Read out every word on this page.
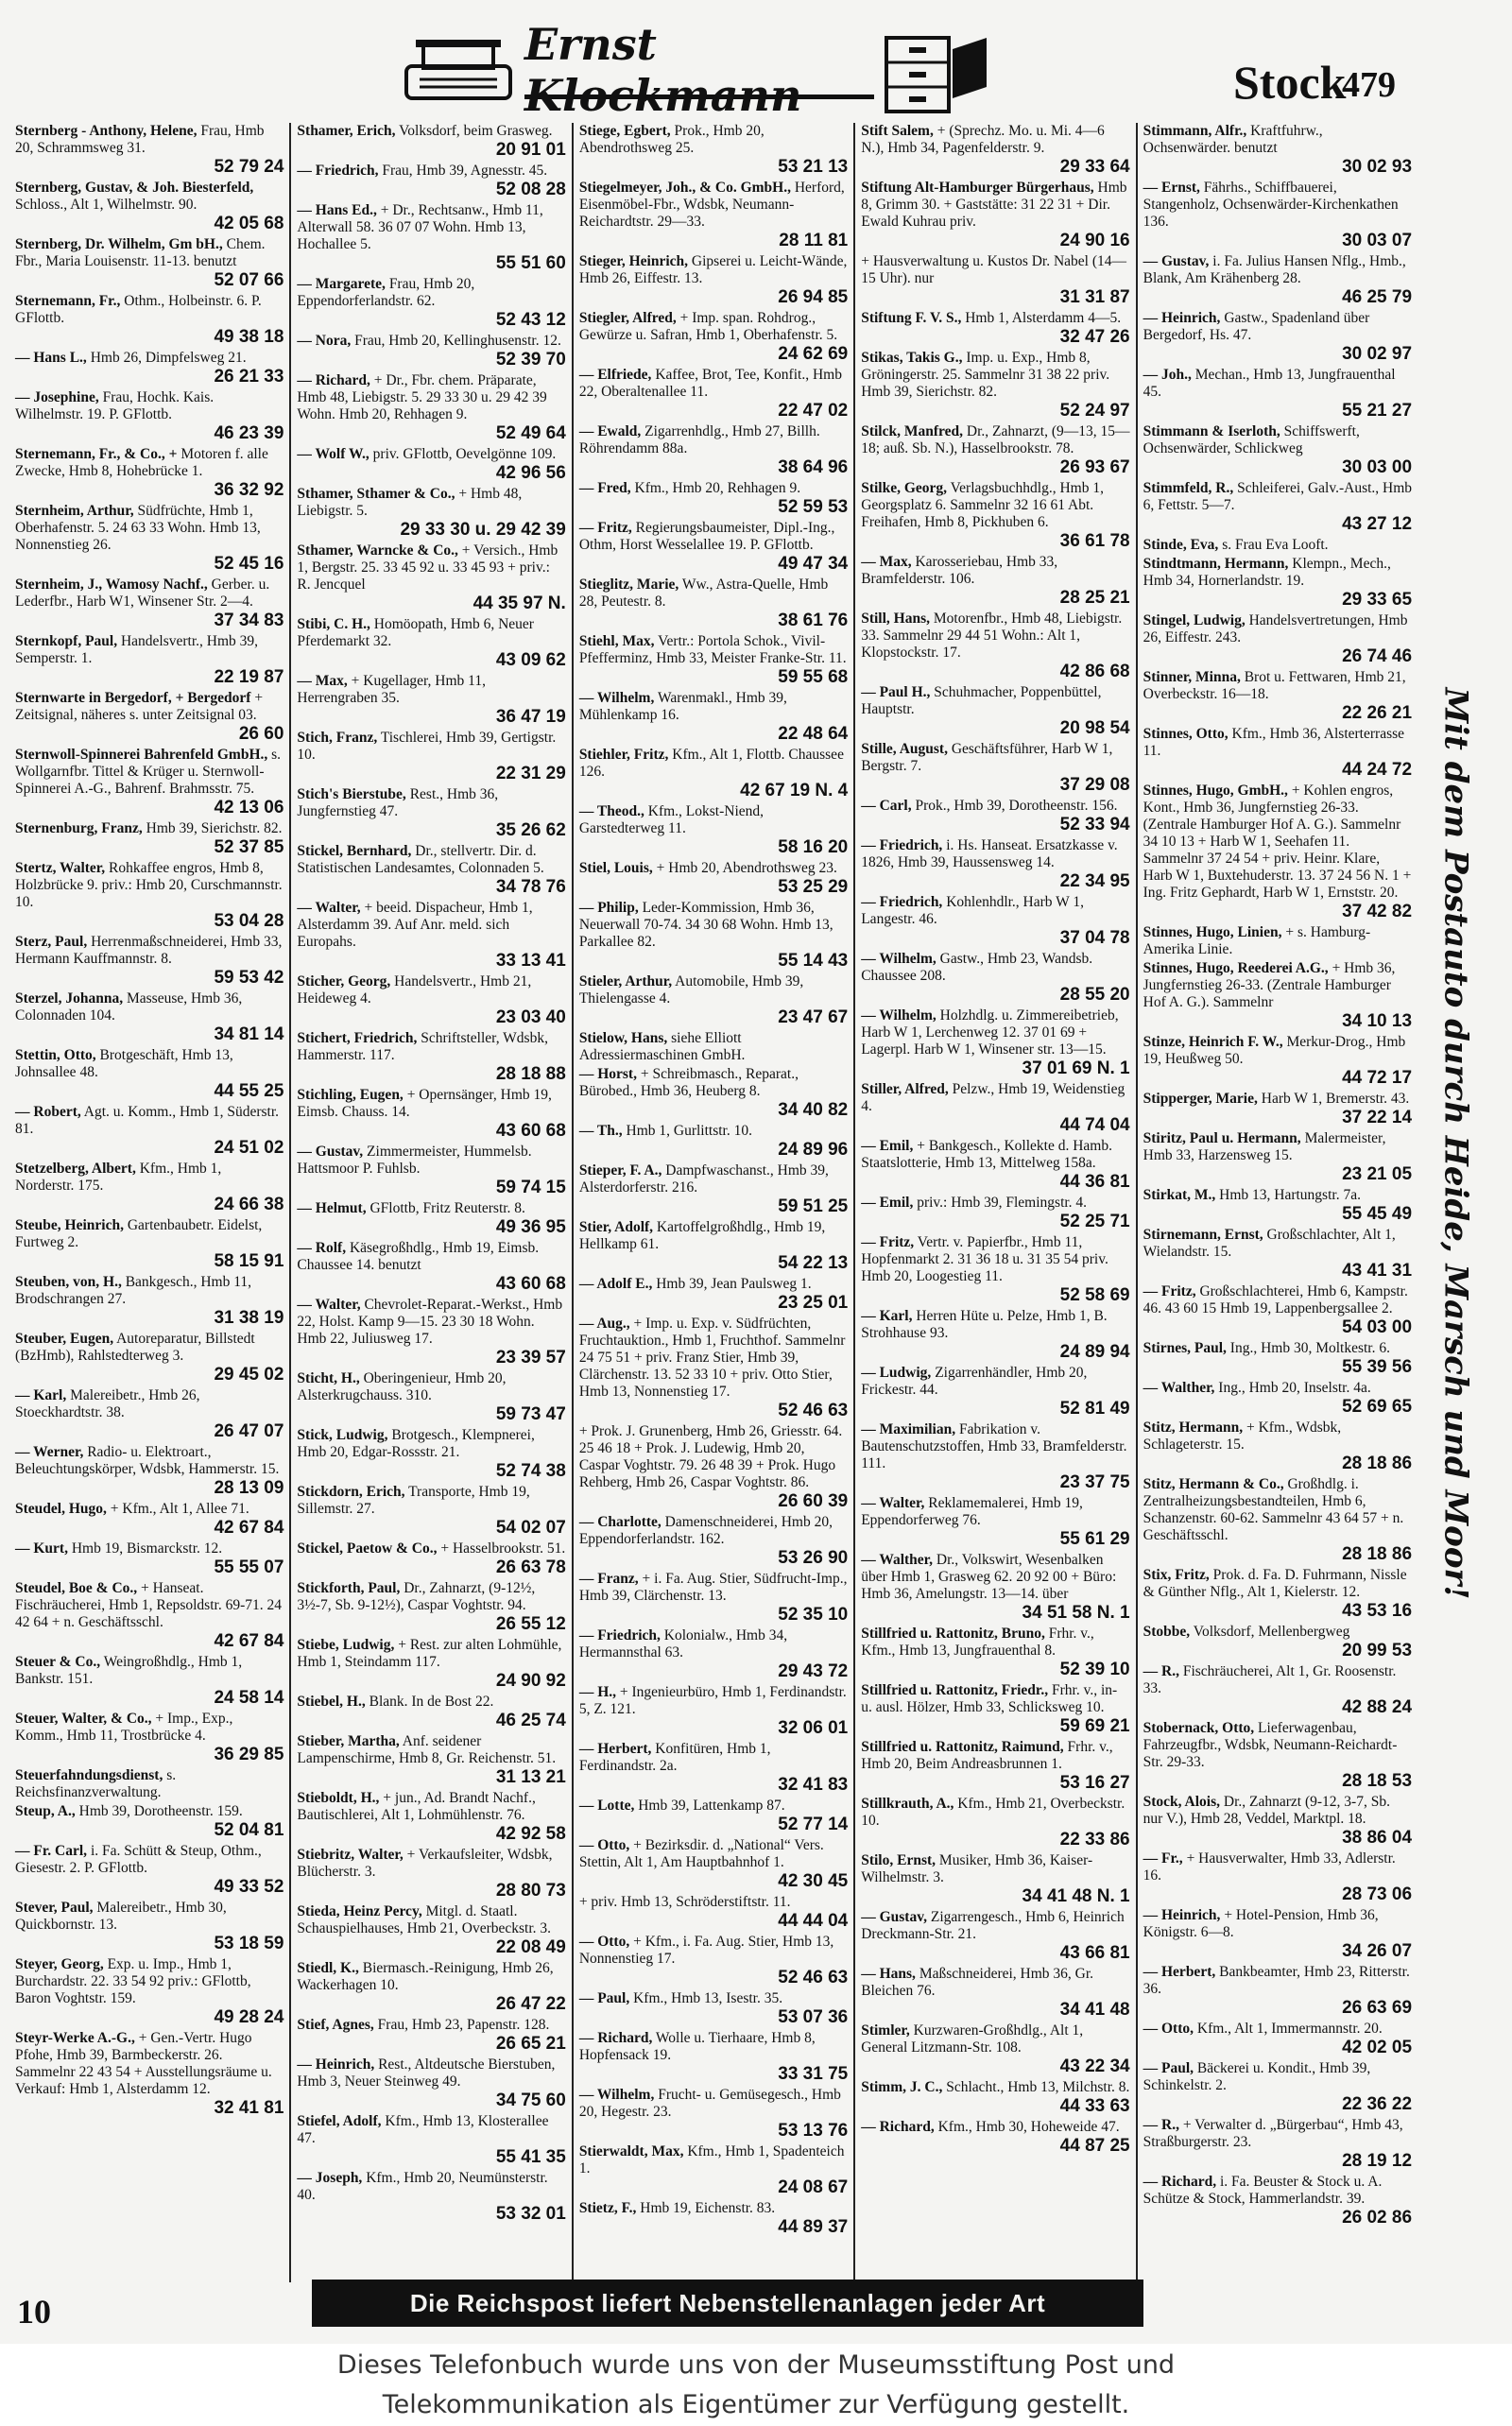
Ernst Klockmann	Stock
479
Sternberg - Anthony, Helene, Frau, Hmb 20, Schrammsweg 31.
52 79 24
Sternberg, Gustav, & Joh. Biesterfeld, Schloss., Alt 1, Wilhelmstr. 90.
42 05 68
Sternberg, Dr. Wilhelm, Gm bH., Chem. Fbr., Maria Louisenstr. 11-13. benutzt
52 07 66
Sternemann, Fr., Othm., Holbeinstr. 6. P. GFlottb.
49 38 18
— Hans L., Hmb 26, Dimpfelsweg 21.
26 21 33
— Josephine, Frau, Hochk. Kais. Wilhelmstr. 19. P. GFlottb.
46 23 39
Sternemann, Fr., & Co., + Motoren f. alle Zwecke, Hmb 8, Hohebrücke 1.
36 32 92
Sternheim, Arthur, Südfrüchte, Hmb 1, Oberhafenstr. 5. 24 63 33 Wohn. Hmb 13, Nonnenstieg 26.
52 45 16
Sternheim, J., Wamosy Nachf., Gerber. u. Lederfbr., Harb W1, Winsener Str. 2—4.
37 34 83
Sternkopf, Paul, Handelsvertr., Hmb 39, Semperstr. 1.
22 19 87
Sternwarte in Bergedorf, + Bergedorf + Zeitsignal, näheres s. unter Zeitsignal 03.
26 60
Sternwoll-Spinnerei Bahrenfeld GmbH., s. Wollgarnfbr. Tittel & Krüger u. Sternwoll-Spinnerei A.-G., Bahrenf. Brahmsstr. 75.
42 13 06
Sternenburg, Franz, Hmb 39, Sierichstr. 82.
52 37 85
Stertz, Walter, Rohkaffee engros, Hmb 8, Holzbrücke 9. priv.: Hmb 20, Curschmannstr. 10.
53 04 28
Sterz, Paul, Herrenmaßschneiderei, Hmb 33, Hermann Kauffmannstr. 8.
59 53 42
Sterzel, Johanna, Masseuse, Hmb 36, Colonnaden 104.
34 81 14
Stettin, Otto, Brotgeschäft, Hmb 13, Johnsallee 48.
44 55 25
— Robert, Agt. u. Komm., Hmb 1, Süderstr. 81.
24 51 02
Stetzelberg, Albert, Kfm., Hmb 1, Norderstr. 175.
24 66 38
Steube, Heinrich, Gartenbaubetr. Eidelst, Furtweg 2.
58 15 91
Steuben, von, H., Bankgesch., Hmb 11, Brodschrangen 27.
31 38 19
Steuber, Eugen, Autoreparatur, Billstedt (BzHmb), Rahlstedterweg 3.
29 45 02
— Karl, Malereibetr., Hmb 26, Stoeckhardtstr. 38.
26 47 07
— Werner, Radio- u. Elektroart., Beleuchtungskörper, Wdsbk, Hammerstr. 15.
28 13 09
Steudel, Hugo, + Kfm., Alt 1, Allee 71.
42 67 84
— Kurt, Hmb 19, Bismarckstr. 12.
55 55 07
Steudel, Boe & Co., + Hanseat. Fischräucherei, Hmb 1, Repsoldstr. 69-71. 24 42 64 + n. Geschäftsschl.
42 67 84
Steuer & Co., Weingroßhdlg., Hmb 1, Bankstr. 151.
24 58 14
Steuer, Walter, & Co., + Imp., Exp., Komm., Hmb 11, Trostbrücke 4.
36 29 85
Steuerfahndungsdienst, s. Reichsfinanzverwaltung.
Steup, A., Hmb 39, Dorotheenstr. 159.
52 04 81
— Fr. Carl, i. Fa. Schütt & Steup, Othm., Giesestr. 2. P. GFlottb.
49 33 52
Stever, Paul, Malereibetr., Hmb 30, Quickbornstr. 13.
53 18 59
Steyer, Georg, Exp. u. Imp., Hmb 1, Burchardstr. 22. 33 54 92 priv.: GFlottb, Baron Voghtstr. 159.
49 28 24
Steyr-Werke A.-G., + Gen.-Vertr. Hugo Pfohe, Hmb 39, Barmbeckerstr. 26. Sammelnr 22 43 54 + Ausstellungsräume u. Verkauf: Hmb 1, Alsterdamm 12.
32 41 81
Sthamer, Erich, Volksdorf, beim Grasweg.
20 91 01
— Friedrich, Frau, Hmb 39, Agnesstr. 45.
52 08 28
— Hans Ed., + Dr., Rechtsanw., Hmb 11, Alterwall 58. 36 07 07 Wohn. Hmb 13, Hochallee 5.
55 51 60
— Margarete, Frau, Hmb 20, Eppendorferlandstr. 62.
52 43 12
— Nora, Frau, Hmb 20, Kellinghusenstr. 12.
52 39 70
— Richard, + Dr., Fbr. chem. Präparate, Hmb 48, Liebigstr. 5. 29 33 30 u. 29 42 39 Wohn. Hmb 20, Rehhagen 9.
52 49 64
— Wolf W., priv. GFlottb, Oevelgönne 109.
42 96 56
Sthamer, Sthamer & Co., + Hmb 48, Liebigstr. 5.
29 33 30 u. 29 42 39
Sthamer, Warncke & Co., + Versich., Hmb 1, Bergstr. 25. 33 45 92 u. 33 45 93 + priv.: R. Jencquel
44 35 97 N.
Stibi, C. H., Homöopath, Hmb 6, Neuer Pferdemarkt 32.
43 09 62
— Max, + Kugellager, Hmb 11, Herrengraben 35.
36 47 19
Stich, Franz, Tischlerei, Hmb 39, Gertigstr. 10.
22 31 29
Stich's Bierstube, Rest., Hmb 36, Jungfernstieg 47.
35 26 62
Stickel, Bernhard, Dr., stellvertr. Dir. d. Statistischen Landesamtes, Colonnaden 5.
34 78 76
— Walter, + beeid. Dispacheur, Hmb 1, Alsterdamm 39. Auf Anr. meld. sich Europahs.
33 13 41
Sticher, Georg, Handelsvertr., Hmb 21, Heideweg 4.
23 03 40
Stichert, Friedrich, Schriftsteller, Wdsbk, Hammerstr. 117.
28 18 88
Stichling, Eugen, + Opernsänger, Hmb 19, Eimsb. Chauss. 14.
43 60 68
— Gustav, Zimmermeister, Hummelsb. Hattsmoor P. Fuhlsb.
59 74 15
— Helmut, GFlottb, Fritz Reuterstr. 8.
49 36 95
— Rolf, Käsegroßhdlg., Hmb 19, Eimsb. Chaussee 14. benutzt
43 60 68
— Walter, Chevrolet-Reparat.-Werkst., Hmb 22, Holst. Kamp 9—15. 23 30 18 Wohn. Hmb 22, Juliusweg 17.
23 39 57
Sticht, H., Oberingenieur, Hmb 20, Alsterkrugchauss. 310.
59 73 47
Stick, Ludwig, Brotgesch., Klempnerei, Hmb 20, Edgar-Rossstr. 21.
52 74 38
Stickdorn, Erich, Transporte, Hmb 19, Sillemstr. 27.
54 02 07
Stickel, Paetow & Co., + Hasselbrookstr. 51.
26 63 78
Stickforth, Paul, Dr., Zahnarzt, (9-12½, 3½-7, Sb. 9-12½), Caspar Voghtstr. 94.
26 55 12
Stiebe, Ludwig, + Rest. zur alten Lohmühle, Hmb 1, Steindamm 117.
24 90 92
Stiebel, H., Blank. In de Bost 22.
46 25 74
Stieber, Martha, Anf. seidener Lampenschirme, Hmb 8, Gr. Reichenstr. 51.
31 13 21
Stieboldt, H., + jun., Ad. Brandt Nachf., Bautischlerei, Alt 1, Lohmühlenstr. 76.
42 92 58
Stiebritz, Walter, + Verkaufsleiter, Wdsbk, Blücherstr. 3.
28 80 73
Stieda, Heinz Percy, Mitgl. d. Staatl. Schauspielhauses, Hmb 21, Overbeckstr. 3.
22 08 49
Stiedl, K., Biermasch.-Reinigung, Hmb 26, Wackerhagen 10.
26 47 22
Stief, Agnes, Frau, Hmb 23, Papenstr. 128.
26 65 21
— Heinrich, Rest., Altdeutsche Bierstuben, Hmb 3, Neuer Steinweg 49.
34 75 60
Stiefel, Adolf, Kfm., Hmb 13, Klosterallee 47.
55 41 35
— Joseph, Kfm., Hmb 20, Neumünsterstr. 40.
53 32 01
Stiege, Egbert, Prok., Hmb 20, Abendrothsweg 25.
53 21 13
Stiegelmeyer, Joh., & Co. GmbH., Herford, Eisenmöbel-Fbr., Wdsbk, Neumann-Reichardtstr. 29—33.
28 11 81
Stieger, Heinrich, Gipserei u. Leicht-Wände, Hmb 26, Eiffestr. 13.
26 94 85
Stiegler, Alfred, + Imp. span. Rohdrog., Gewürze u. Safran, Hmb 1, Oberhafenstr. 5.
24 62 69
— Elfriede, Kaffee, Brot, Tee, Konfit., Hmb 22, Oberaltenallee 11.
22 47 02
— Ewald, Zigarrenhdlg., Hmb 27, Billh. Röhrendamm 88a.
38 64 96
— Fred, Kfm., Hmb 20, Rehhagen 9.
52 59 53
— Fritz, Regierungsbaumeister, Dipl.-Ing., Othm, Horst Wesselallee 19. P. GFlottb.
49 47 34
Stieglitz, Marie, Ww., Astra-Quelle, Hmb 28, Peutestr. 8.
38 61 76
Stiehl, Max, Vertr.: Portola Schok., Vivil-Pfefferminz, Hmb 33, Meister Franke-Str. 11.
59 55 68
— Wilhelm, Warenmakl., Hmb 39, Mühlenkamp 16.
22 48 64
Stiehler, Fritz, Kfm., Alt 1, Flottb. Chaussee 126.
42 67 19 N. 4
— Theod., Kfm., Lokst-Niend, Garstedterweg 11.
58 16 20
Stiel, Louis, + Hmb 20, Abendrothsweg 23.
53 25 29
— Philip, Leder-Kommission, Hmb 36, Neuerwall 70-74. 34 30 68 Wohn. Hmb 13, Parkallee 82.
55 14 43
Stieler, Arthur, Automobile, Hmb 39, Thielengasse 4.
23 47 67
Stielow, Hans, siehe Elliott Adressiermaschinen GmbH.
— Horst, + Schreibmasch., Reparat., Bürobed., Hmb 36, Heuberg 8.
34 40 82
— Th., Hmb 1, Gurlittstr. 10.
24 89 96
Stieper, F. A., Dampfwaschanst., Hmb 39, Alsterdorferstr. 216.
59 51 25
Stier, Adolf, Kartoffelgroßhdlg., Hmb 19, Hellkamp 61.
54 22 13
— Adolf E., Hmb 39, Jean Paulsweg 1.
23 25 01
— Aug., + Imp. u. Exp. v. Südfrüchten, Fruchtauktion., Hmb 1, Fruchthof. Sammelnr 24 75 51 + priv. Franz Stier, Hmb 39, Clärchenstr. 13. 52 33 10 + priv. Otto Stier, Hmb 13, Nonnenstieg 17.
52 46 63
+ Prok. J. Grunenberg, Hmb 26, Griesstr. 64. 25 46 18 + Prok. J. Ludewig, Hmb 20, Caspar Voghtstr. 79. 26 48 39 + Prok. Hugo Rehberg, Hmb 26, Caspar Voghtstr. 86.
26 60 39
— Charlotte, Damenschneiderei, Hmb 20, Eppendorferlandstr. 162.
53 26 90
— Franz, + i. Fa. Aug. Stier, Südfrucht-Imp., Hmb 39, Clärchenstr. 13.
52 35 10
— Friedrich, Kolonialw., Hmb 34, Hermannsthal 63.
29 43 72
— H., + Ingenieurbüro, Hmb 1, Ferdinandstr. 5, Z. 121.
32 06 01
— Herbert, Konfitüren, Hmb 1, Ferdinandstr. 2a.
32 41 83
— Lotte, Hmb 39, Lattenkamp 87.
52 77 14
— Otto, + Bezirksdir. d. „National“ Vers. Stettin, Alt 1, Am Hauptbahnhof 1.
42 30 45
+ priv. Hmb 13, Schröderstiftstr. 11.
44 44 04
— Otto, + Kfm., i. Fa. Aug. Stier, Hmb 13, Nonnenstieg 17.
52 46 63
— Paul, Kfm., Hmb 13, Isestr. 35.
53 07 36
— Richard, Wolle u. Tierhaare, Hmb 8, Hopfensack 19.
33 31 75
— Wilhelm, Frucht- u. Gemüsegesch., Hmb 20, Hegestr. 23.
53 13 76
Stierwaldt, Max, Kfm., Hmb 1, Spadenteich 1.
24 08 67
Stietz, F., Hmb 19, Eichenstr. 83.
44 89 37
Stift Salem, + (Sprechz. Mo. u. Mi. 4—6 N.), Hmb 34, Pagenfelderstr. 9.
29 33 64
Stiftung Alt-Hamburger Bürgerhaus, Hmb 8, Grimm 30. + Gaststätte: 31 22 31 + Dir. Ewald Kuhrau priv.
24 90 16
+ Hausverwaltung u. Kustos Dr. Nabel (14—15 Uhr). nur
31 31 87
Stiftung F. V. S., Hmb 1, Alsterdamm 4—5.
32 47 26
Stikas, Takis G., Imp. u. Exp., Hmb 8, Gröningerstr. 25. Sammelnr 31 38 22 priv. Hmb 39, Sierichstr. 82.
52 24 97
Stilck, Manfred, Dr., Zahnarzt, (9—13, 15—18; auß. Sb. N.), Hasselbrookstr. 78.
26 93 67
Stilke, Georg, Verlagsbuchhdlg., Hmb 1, Georgsplatz 6. Sammelnr 32 16 61 Abt. Freihafen, Hmb 8, Pickhuben 6.
36 61 78
— Max, Karosseriebau, Hmb 33, Bramfelderstr. 106.
28 25 21
Still, Hans, Motorenfbr., Hmb 48, Liebigstr. 33. Sammelnr 29 44 51 Wohn.: Alt 1, Klopstockstr. 17.
42 86 68
— Paul H., Schuhmacher, Poppenbüttel, Hauptstr.
20 98 54
Stille, August, Geschäftsführer, Harb W 1, Bergstr. 7.
37 29 08
— Carl, Prok., Hmb 39, Dorotheenstr. 156.
52 33 94
— Friedrich, i. Hs. Hanseat. Ersatzkasse v. 1826, Hmb 39, Haussensweg 14.
22 34 95
— Friedrich, Kohlenhdlr., Harb W 1, Langestr. 46.
37 04 78
— Wilhelm, Gastw., Hmb 23, Wandsb. Chaussee 208.
28 55 20
— Wilhelm, Holzhdlg. u. Zimmereibetrieb, Harb W 1, Lerchenweg 12. 37 01 69 + Lagerpl. Harb W 1, Winsener str. 13—15.
37 01 69 N. 1
Stiller, Alfred, Pelzw., Hmb 19, Weidenstieg 4.
44 74 04
— Emil, + Bankgesch., Kollekte d. Hamb. Staatslotterie, Hmb 13, Mittelweg 158a.
44 36 81
— Emil, priv.: Hmb 39, Flemingstr. 4.
52 25 71
— Fritz, Vertr. v. Papierfbr., Hmb 11, Hopfenmarkt 2. 31 36 18 u. 31 35 54 priv. Hmb 20, Loogestieg 11.
52 58 69
— Karl, Herren Hüte u. Pelze, Hmb 1, B. Strohhause 93.
24 89 94
— Ludwig, Zigarrenhändler, Hmb 20, Frickestr. 44.
52 81 49
— Maximilian, Fabrikation v. Bautenschutzstoffen, Hmb 33, Bramfelderstr. 111.
23 37 75
— Walter, Reklamemalerei, Hmb 19, Eppendorferweg 76.
55 61 29
— Walther, Dr., Volkswirt, Wesenbalken über Hmb 1, Grasweg 62. 20 92 00 + Büro: Hmb 36, Amelungstr. 13—14. über
34 51 58 N. 1
Stillfried u. Rattonitz, Bruno, Frhr. v., Kfm., Hmb 13, Jungfrauenthal 8.
52 39 10
Stillfried u. Rattonitz, Friedr., Frhr. v., in- u. ausl. Hölzer, Hmb 33, Schlicksweg 10.
59 69 21
Stillfried u. Rattonitz, Raimund, Frhr. v., Hmb 20, Beim Andreasbrunnen 1.
53 16 27
Stillkrauth, A., Kfm., Hmb 21, Overbeckstr. 10.
22 33 86
Stilo, Ernst, Musiker, Hmb 36, Kaiser-Wilhelmstr. 3.
34 41 48 N. 1
— Gustav, Zigarrengesch., Hmb 6, Heinrich Dreckmann-Str. 21.
43 66 81
— Hans, Maßschneiderei, Hmb 36, Gr. Bleichen 76.
34 41 48
Stimler, Kurzwaren-Großhdlg., Alt 1, General Litzmann-Str. 108.
43 22 34
Stimm, J. C., Schlacht., Hmb 13, Milchstr. 8.
44 33 63
— Richard, Kfm., Hmb 30, Hoheweide 47.
44 87 25
Stimmann, Alfr., Kraftfuhrw., Ochsenwärder. benutzt
30 02 93
— Ernst, Fährhs., Schiffbauerei, Stangenholz, Ochsenwärder-Kirchenkathen 136.
30 03 07
— Gustav, i. Fa. Julius Hansen Nflg., Hmb., Blank, Am Krähenberg 28.
46 25 79
— Heinrich, Gastw., Spadenland über Bergedorf, Hs. 47.
30 02 97
— Joh., Mechan., Hmb 13, Jungfrauenthal 45.
55 21 27
Stimmann & Iserloth, Schiffswerft, Ochsenwärder, Schlickweg
30 03 00
Stimmfeld, R., Schleiferei, Galv.-Aust., Hmb 6, Fettstr. 5—7.
43 27 12
Stinde, Eva, s. Frau Eva Looft.
Stindtmann, Hermann, Klempn., Mech., Hmb 34, Hornerlandstr. 19.
29 33 65
Stingel, Ludwig, Handelsvertretungen, Hmb 26, Eiffestr. 243.
26 74 46
Stinner, Minna, Brot u. Fettwaren, Hmb 21, Overbeckstr. 16—18.
22 26 21
Stinnes, Otto, Kfm., Hmb 36, Alsterterrasse 11.
44 24 72
Stinnes, Hugo, GmbH., + Kohlen engros, Kont., Hmb 36, Jungfernstieg 26-33. (Zentrale Hamburger Hof A. G.). Sammelnr 34 10 13 + Harb W 1, Seehafen 11. Sammelnr 37 24 54 + priv. Heinr. Klare, Harb W 1, Buxtehuderstr. 13. 37 24 56 N. 1 + Ing. Fritz Gephardt, Harb W 1, Ernststr. 20.
37 42 82
Stinnes, Hugo, Linien, + s. Hamburg-Amerika Linie.
Stinnes, Hugo, Reederei A.G., + Hmb 36, Jungfernstieg 26-33. (Zentrale Hamburger Hof A. G.). Sammelnr
34 10 13
Stinze, Heinrich F. W., Merkur-Drog., Hmb 19, Heußweg 50.
44 72 17
Stipperger, Marie, Harb W 1, Bremerstr. 43.
37 22 14
Stiritz, Paul u. Hermann, Malermeister, Hmb 33, Harzensweg 15.
23 21 05
Stirkat, M., Hmb 13, Hartungstr. 7a.
55 45 49
Stirnemann, Ernst, Großschlachter, Alt 1, Wielandstr. 15.
43 41 31
— Fritz, Großschlachterei, Hmb 6, Kampstr. 46. 43 60 15 Hmb 19, Lappenbergsallee 2.
54 03 00
Stirnes, Paul, Ing., Hmb 30, Moltkestr. 6.
55 39 56
— Walther, Ing., Hmb 20, Inselstr. 4a.
52 69 65
Stitz, Hermann, + Kfm., Wdsbk, Schlageterstr. 15.
28 18 86
Stitz, Hermann & Co., Großhdlg. i. Zentralheizungsbestandteilen, Hmb 6, Schanzenstr. 60-62. Sammelnr 43 64 57 + n. Geschäftsschl.
28 18 86
Stix, Fritz, Prok. d. Fa. D. Fuhrmann, Nissle & Günther Nflg., Alt 1, Kielerstr. 12.
43 53 16
Stobbe, Volksdorf, Mellenbergweg
20 99 53
— R., Fischräucherei, Alt 1, Gr. Roosenstr. 33.
42 88 24
Stobernack, Otto, Lieferwagenbau, Fahrzeugfbr., Wdsbk, Neumann-Reichardt-Str. 29-33.
28 18 53
Stock, Alois, Dr., Zahnarzt (9-12, 3-7, Sb. nur V.), Hmb 28, Veddel, Marktpl. 18.
38 86 04
— Fr., + Hausverwalter, Hmb 33, Adlerstr. 16.
28 73 06
— Heinrich, + Hotel-Pension, Hmb 36, Königstr. 6—8.
34 26 07
— Herbert, Bankbeamter, Hmb 23, Ritterstr. 36.
26 63 69
— Otto, Kfm., Alt 1, Immermannstr. 20.
42 02 05
— Paul, Bäckerei u. Kondit., Hmb 39, Schinkelstr. 2.
22 36 22
— R., + Verwalter d. „Bürgerbau“, Hmb 43, Straßburgerstr. 23.
28 19 12
— Richard, i. Fa. Beuster & Stock u. A. Schütze & Stock, Hammerlandstr. 39.
26 02 86
Mit dem Postauto durch Heide, Marsch und Moor!
10	Die Reichspost liefert Nebenstellenanlagen jeder Art
Dieses Telefonbuch wurde uns von der Museumsstiftung Post und
Telekommunikation als Eigentümer zur Verfügung gestellt.
